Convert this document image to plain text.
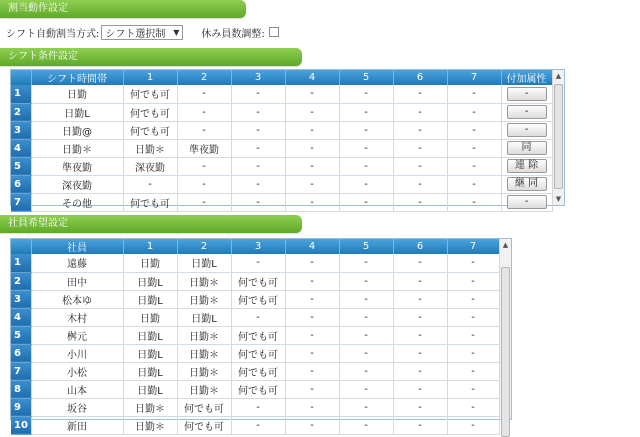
割当動作設定
シフト自動割当方式: シフト選択制 ▼ 休み員数調整:
シフト条件設定
	シフト時間帯	1	2	3	4	5	6	7	付加属性
1	日勤	何でも可	-	-	-	-	-	-	-
2	日勤L	何でも可	-	-	-	-	-	-	-
3	日勤@	何でも可	-	-	-	-	-	-	-
4	日勤＊	日勤＊	準夜勤	-	-	-	-	-	同
5	準夜勤	深夜勤	-	-	-	-	-	-	連 除
6	深夜勤	-	-	-	-	-	-	-	継 同
7	その他	何でも可	-	-	-	-	-	-	-
▲
▼
社員希望設定
	社員	1	2	3	4	5	6	7
1	遠藤	日勤	日勤L	-	-	-	-	-
2	田中	日勤L	日勤＊	何でも可	-	-	-	-
3	松本ゆ	日勤L	日勤＊	何でも可	-	-	-	-
4	木村	日勤	日勤L	-	-	-	-	-
5	桝元	日勤L	日勤＊	何でも可	-	-	-	-
6	小川	日勤L	日勤＊	何でも可	-	-	-	-
7	小松	日勤L	日勤＊	何でも可	-	-	-	-
8	山本	日勤L	日勤＊	何でも可	-	-	-	-
9	坂谷	日勤＊	何でも可	-	-	-	-	-
10	新田	日勤＊	何でも可	-	-	-	-	-
▲
